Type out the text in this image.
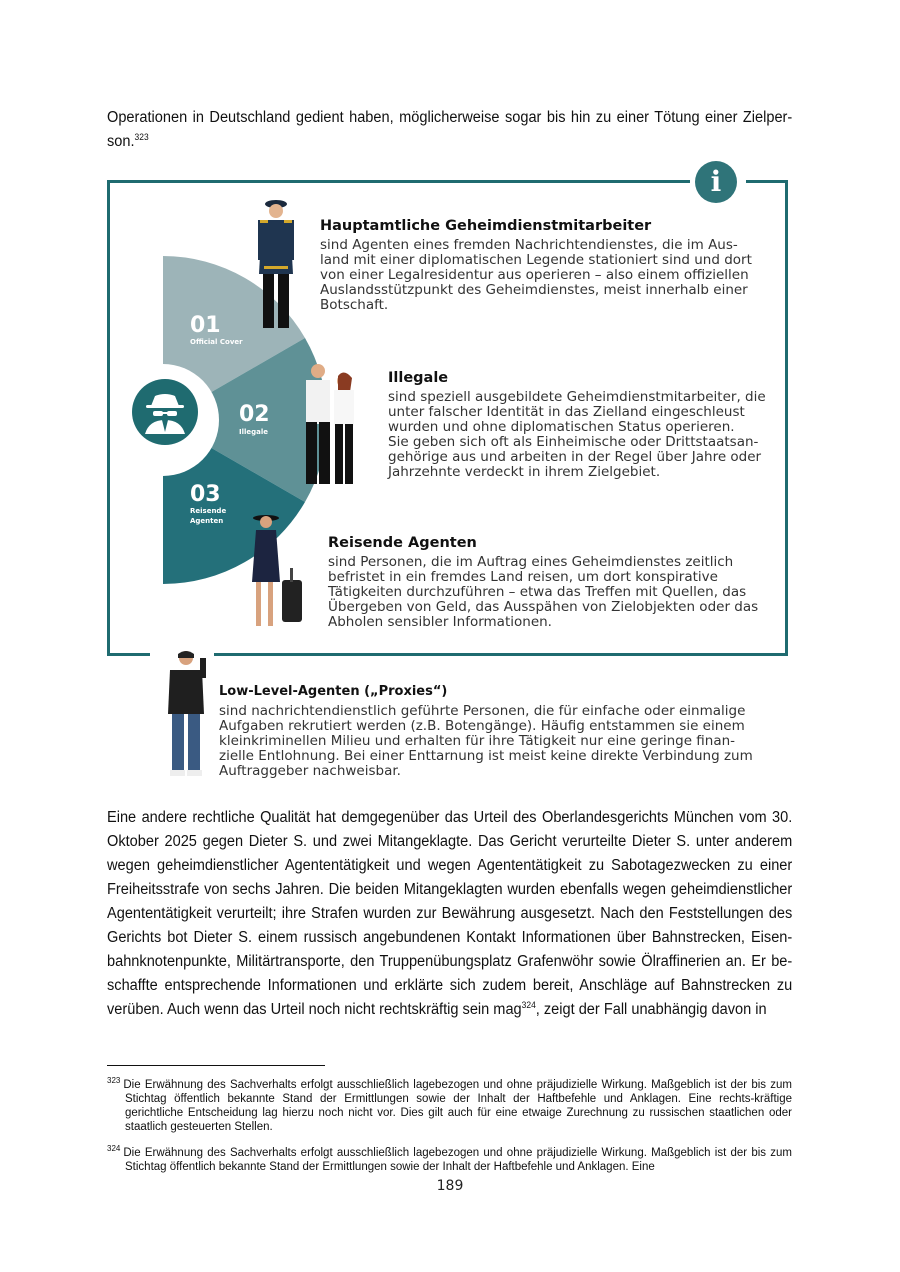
Operationen in Deutschland gedient haben, möglicherweise sogar bis hin zu einer Tötung einer Zielper-son.$^{323}$
i
01
Official Cover
02
Illegale
03
Reisende
Agenten
Hauptamtliche Geheimdienstmitarbeiter
sind Agenten eines fremden Nachrichtendienstes, die im Aus-
land mit einer diplomatischen Legende stationiert sind und dort
von einer Legalresidentur aus operieren – also einem offiziellen
Auslandsstützpunkt des Geheimdienstes, meist innerhalb einer
Botschaft.
Illegale
sind speziell ausgebildete Geheimdienstmitarbeiter, die
unter falscher Identität in das Zielland eingeschleust
wurden und ohne diplomatischen Status operieren.
Sie geben sich oft als Einheimische oder Drittstaatsan-
gehörige aus und arbeiten in der Regel über Jahre oder
Jahrzehnte verdeckt in ihrem Zielgebiet.
Reisende Agenten
sind Personen, die im Auftrag eines Geheimdienstes zeitlich
befristet in ein fremdes Land reisen, um dort konspirative
Tätigkeiten durchzuführen – etwa das Treffen mit Quellen, das
Übergeben von Geld, das Ausspähen von Zielobjekten oder das
Abholen sensibler Informationen.
Low-Level-Agenten („Proxies“)
sind nachrichtendienstlich geführte Personen, die für einfache oder einmalige
Aufgaben rekrutiert werden (z.B. Botengänge). Häufig entstammen sie einem
kleinkriminellen Milieu und erhalten für ihre Tätigkeit nur eine geringe finan-
zielle Entlohnung. Bei einer Enttarnung ist meist keine direkte Verbindung zum
Auftraggeber nachweisbar.
Eine andere rechtliche Qualität hat demgegenüber das Urteil des Oberlandesgerichts München vom 30. Oktober 2025 gegen Dieter S. und zwei Mitangeklagte. Das Gericht verurteilte Dieter S. unter anderem wegen geheimdienstlicher Agententätigkeit und wegen Agententätigkeit zu Sabotagezwecken zu einer Freiheitsstrafe von sechs Jahren. Die beiden Mitangeklagten wurden ebenfalls wegen geheimdienstlicher Agententätigkeit verurteilt; ihre Strafen wurden zur Bewährung ausgesetzt. Nach den Feststellungen des Gerichts bot Dieter S. einem russisch angebundenen Kontakt Informationen über Bahnstrecken, Eisen-bahnknotenpunkte, Militärtransporte, den Truppenübungsplatz Grafenwöhr sowie Ölraffinerien an. Er be-schaffte entsprechende Informationen und erklärte sich zudem bereit, Anschläge auf Bahnstrecken zu verüben. Auch wenn das Urteil noch nicht rechtskräftig sein mag$^{324}$, zeigt der Fall unabhängig davon in
$^{323}$ Die Erwähnung des Sachverhalts erfolgt ausschließlich lagebezogen und ohne präjudizielle Wirkung. Maßgeblich ist der bis zum Stichtag öffentlich bekannte Stand der Ermittlungen sowie der Inhalt der Haftbefehle und Anklagen. Eine rechts-kräftige gerichtliche Entscheidung lag hierzu noch nicht vor. Dies gilt auch für eine etwaige Zurechnung zu russischen staatlichen oder staatlich gesteuerten Stellen.
$^{324}$ Die Erwähnung des Sachverhalts erfolgt ausschließlich lagebezogen und ohne präjudizielle Wirkung. Maßgeblich ist der bis zum Stichtag öffentlich bekannte Stand der Ermittlungen sowie der Inhalt der Haftbefehle und Anklagen. Eine
189
